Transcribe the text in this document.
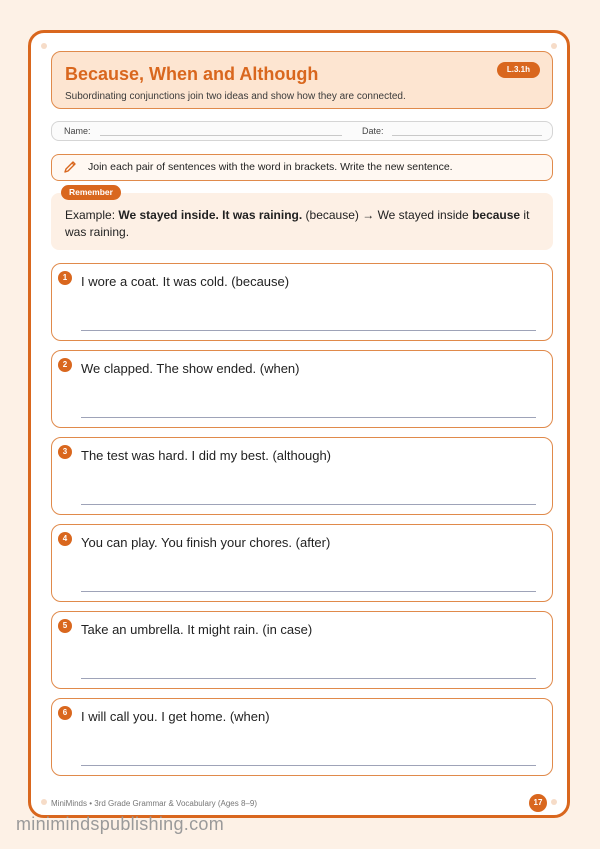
Because, When and Although
Subordinating conjunctions join two ideas and show how they are connected.
L.3.1h
Name:	Date:
Join each pair of sentences with the word in brackets. Write the new sentence.
Remember
Example: We stayed inside. It was raining. (because) → We stayed inside because it was raining.
1	I wore a coat. It was cold. (because)
2	We clapped. The show ended. (when)
3	The test was hard. I did my best. (although)
4	You can play. You finish your chores. (after)
5	Take an umbrella. It might rain. (in case)
6	I will call you. I get home. (when)
MiniMinds • 3rd Grade Grammar & Vocabulary (Ages 8–9)	17
minimindspublishing.com
